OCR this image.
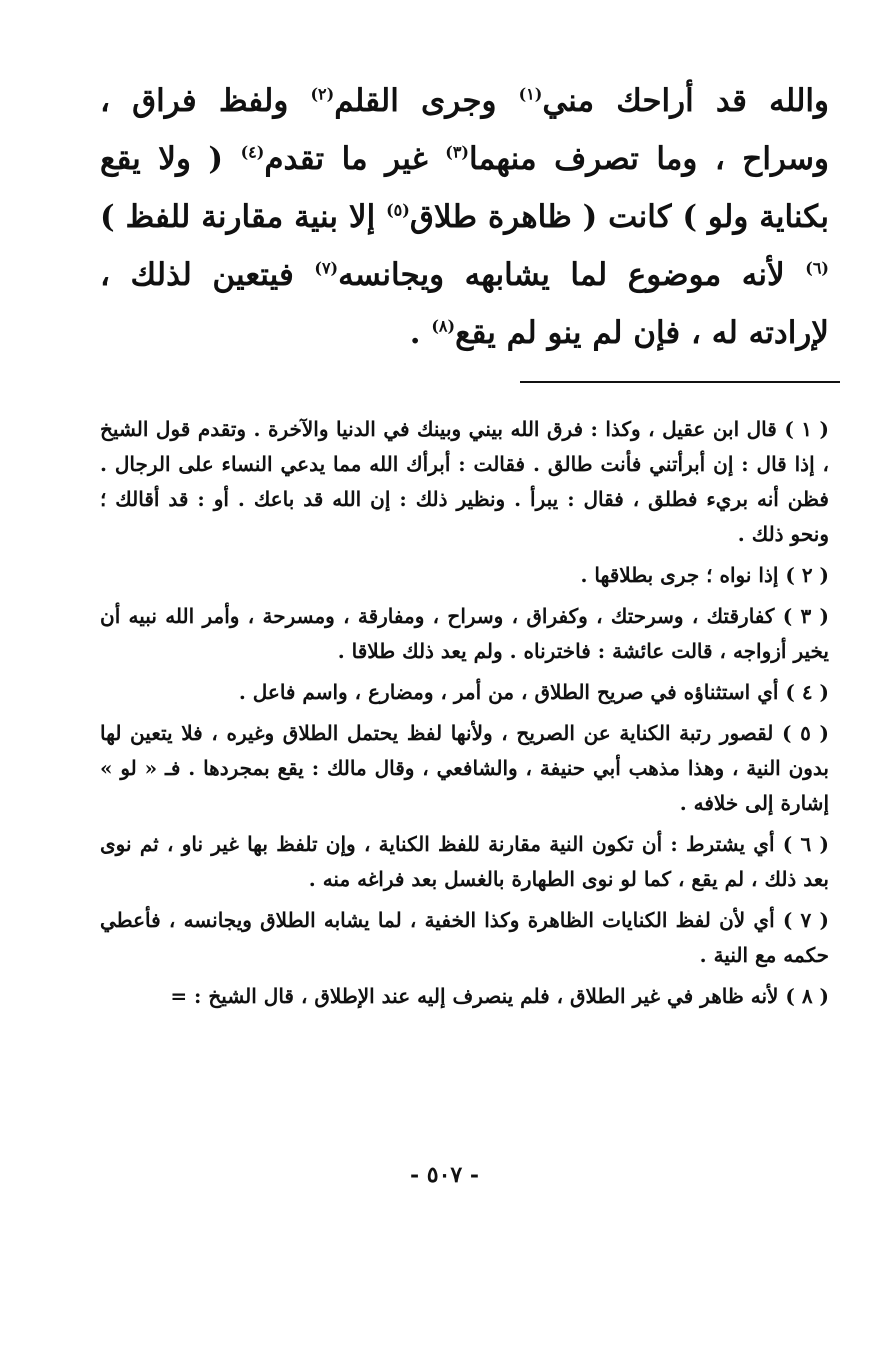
والله قد أراحك مني$^{(١)}$ وجرى القلم$^{(٢)}$ ولفظ فراق ، وسراح ، وما تصرف منهما$^{(٣)}$ غير ما تقدم$^{(٤)}$ ( ولا يقع بكناية ولو ) كانت ( ظاهرة طلاق$^{(٥)}$ إلا بنية مقارنة للفظ )$^{(٦)}$ لأنه موضوع لما يشابهه ويجانسه$^{(٧)}$ فيتعين لذلك ، لإرادته له ، فإن لم ينو لم يقع$^{(٨)}$ .

( ١ ) قال ابن عقيل ، وكذا : فرق الله بيني وبينك في الدنيا والآخرة . وتقدم قول الشيخ ، إذا قال : إن أبرأتني فأنت طالق . فقالت : أبرأك الله مما يدعي النساء على الرجال . فظن أنه بريء فطلق ، فقال : يبرأ . ونظير ذلك : إن الله قد باعك . أو : قد أقالك ؛ ونحو ذلك .

( ٢ ) إذا نواه ؛ جرى بطلاقها .

( ٣ ) كفارقتك ، وسرحتك ، وكفراق ، وسراح ، ومفارقة ، ومسرحة ، وأمر الله نبيه أن يخير أزواجه ، قالت عائشة : فاخترناه . ولم يعد ذلك طلاقا .

( ٤ ) أي استثناؤه في صريح الطلاق ، من أمر ، ومضارع ، واسم فاعل .

( ٥ ) لقصور رتبة الكناية عن الصريح ، ولأنها لفظ يحتمل الطلاق وغيره ، فلا يتعين لها بدون النية ، وهذا مذهب أبي حنيفة ، والشافعي ، وقال مالك : يقع بمجردها . فـ « لو » إشارة إلى خلافه .

( ٦ ) أي يشترط : أن تكون النية مقارنة للفظ الكناية ، وإن تلفظ بها غير ناو ، ثم نوى بعد ذلك ، لم يقع ، كما لو نوى الطهارة بالغسل بعد فراغه منه .

( ٧ ) أي لأن لفظ الكنايات الظاهرة وكذا الخفية ، لما يشابه الطلاق ويجانسه ، فأعطي حكمه مع النية .

( ٨ ) لأنه ظاهر في غير الطلاق ، فلم ينصرف إليه عند الإطلاق ، قال الشيخ : =

- ٥٠٧ -
